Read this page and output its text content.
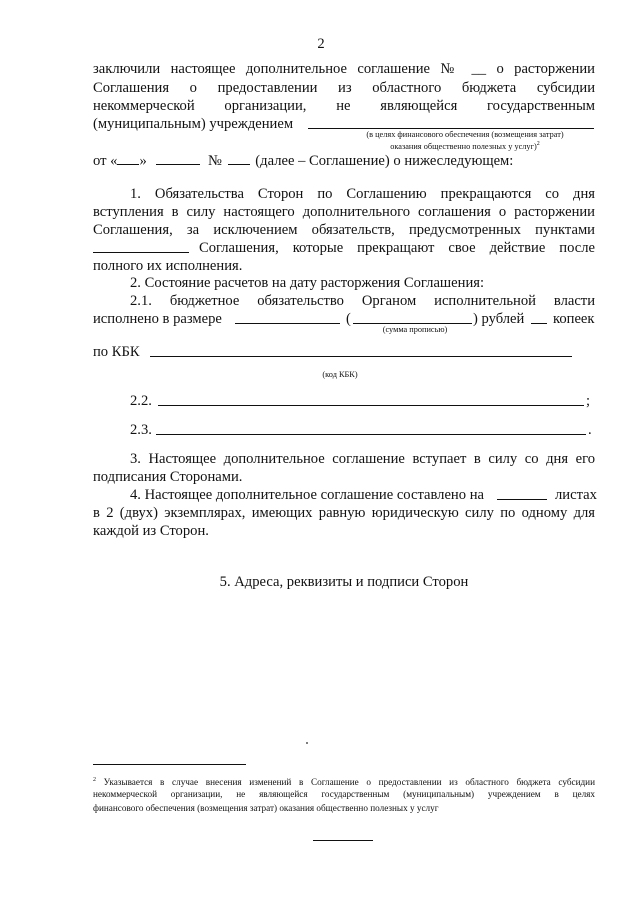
2
заключили настоящее дополнительное соглашение № __ о расторжении
Соглашения о предоставлении из областного бюджета субсидии
некоммерческой организации, не являющейся государственным
(муниципальным) учреждением
(в целях финансового обеспечения (возмещения затрат)
оказания общественно полезных у услуг)$^2$
от « »	№ (далее – Соглашение) о нижеследующем:
1. Обязательства Сторон по Соглашению прекращаются со дня
вступления в силу настоящего дополнительного соглашения о расторжении
Соглашения, за исключением обязательств, предусмотренных пунктами
Соглашения, которые прекращают свое действие после
полного их исполнения.
2. Состояние расчетов на дату расторжения Соглашения:
2.1. бюджетное обязательство Органом исполнительной власти
исполнено в размере	(	) рублей копеек
(сумма прописью)
по КБК
(код КБК)
2.2.	;
2.3.	.
3. Настоящее дополнительное соглашение вступает в силу со дня его
подписания Сторонами.
4. Настоящее дополнительное соглашение составлено на	листах
в 2 (двух) экземплярах, имеющих равную юридическую силу по одному для
каждой из Сторон.
5. Адреса, реквизиты и подписи Сторон
$^2$ Указывается в случае внесения изменений в Соглашение о предоставлении из областного бюджета субсидии
некоммерческой организации, не являющейся государственным (муниципальным) учреждением в целях
финансового обеспечения (возмещения затрат) оказания общественно полезных у услуг
